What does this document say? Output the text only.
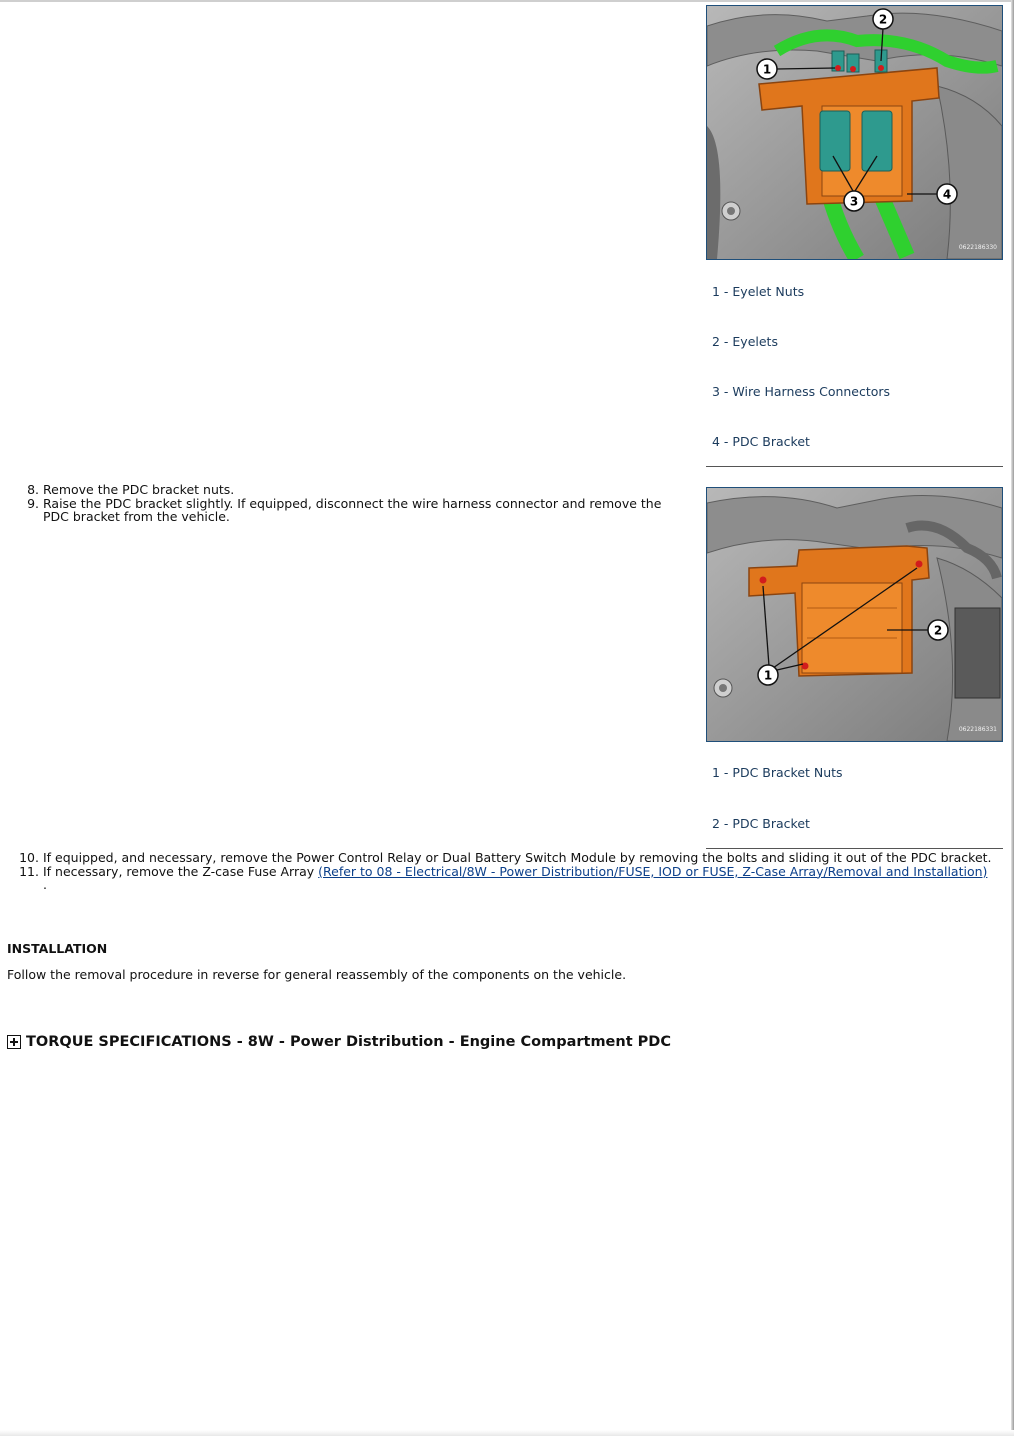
1
2
3	4
0622186330
1 - Eyelet Nuts
2 - Eyelets
3 - Wire Harness Connectors
4 - PDC Bracket
8. Remove the PDC bracket nuts.
9. Raise the PDC bracket slightly. If equipped, disconnect the wire harness connector and remove the PDC bracket from the vehicle.
1
2
0622186331
1 - PDC Bracket Nuts
2 - PDC Bracket
10. If equipped, and necessary, remove the Power Control Relay or Dual Battery Switch Module by removing the bolts and sliding it out of the PDC bracket.
11. If necessary, remove the Z-case Fuse Array (Refer to 08 - Electrical/8W - Power Distribution/FUSE, IOD or FUSE, Z-Case Array/Removal and Installation) .
INSTALLATION
Follow the removal procedure in reverse for general reassembly of the components on the vehicle.
TORQUE SPECIFICATIONS - 8W - Power Distribution - Engine Compartment PDC
